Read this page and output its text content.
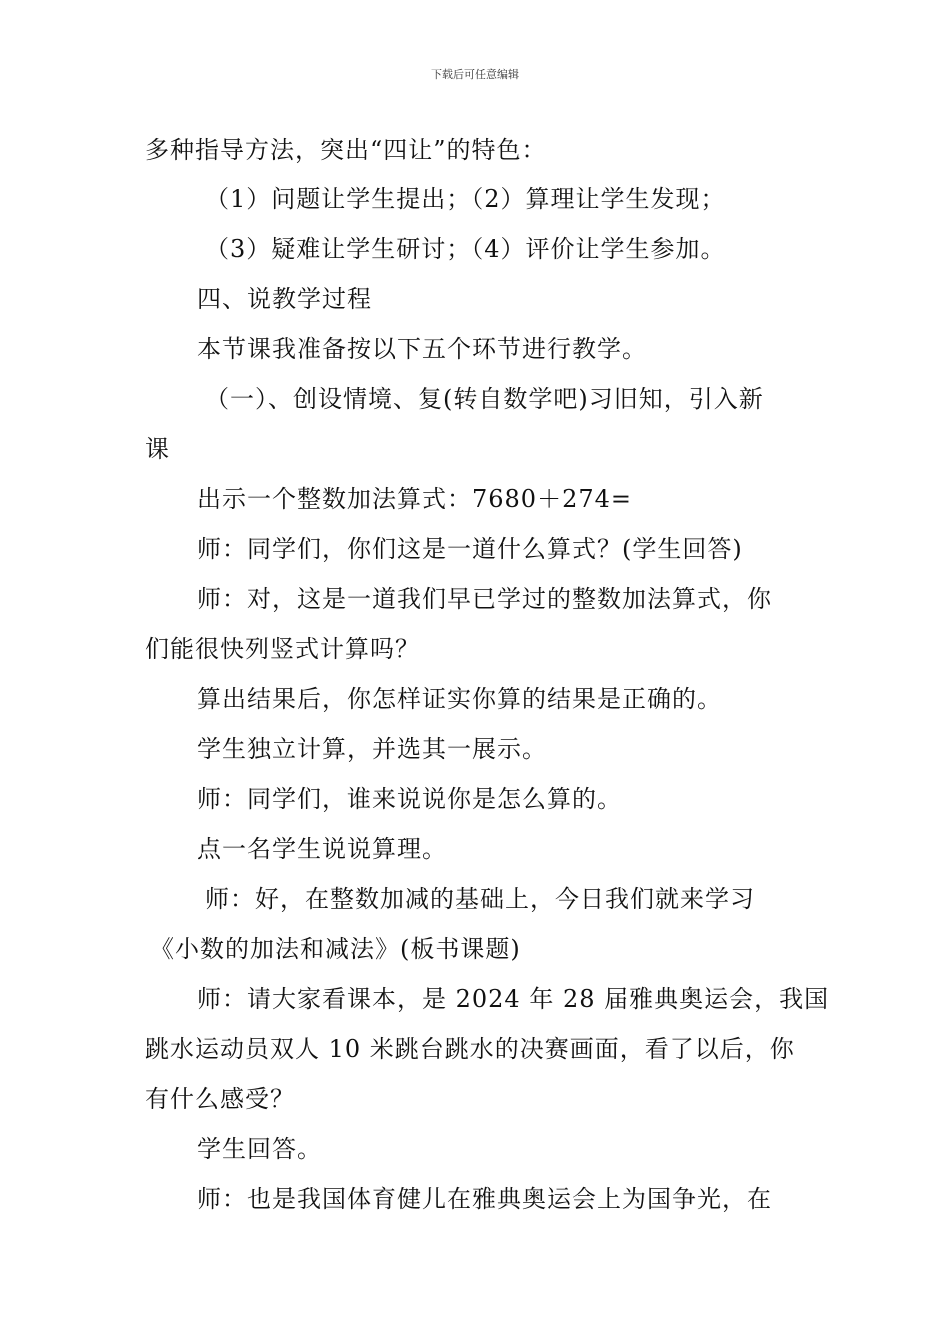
下载后可任意编辑
多种指导方法，突出“四让”的特色：
（1）问题让学生提出；（2）算理让学生发现；
（3）疑难让学生研讨；（4）评价让学生参加。
四、说教学过程
本节课我准备按以下五个环节进行教学。
（一）、创设情境、复(转自数学吧)习旧知，引入新
课
出示一个整数加法算式：7680＋274=
师：同学们，你们这是一道什么算式？(学生回答)
师：对，这是一道我们早已学过的整数加法算式，你
们能很快列竖式计算吗？
算出结果后，你怎样证实你算的结果是正确的。
学生独立计算，并选其一展示。
师：同学们，谁来说说你是怎么算的。
点一名学生说说算理。
师：好，在整数加减的基础上，今日我们就来学习
《小数的加法和减法》(板书课题)
师：请大家看课本，是 2024 年 28 届雅典奥运会，我国
跳水运动员双人 10 米跳台跳水的决赛画面，看了以后，你
有什么感受？
学生回答。
师：也是我国体育健儿在雅典奥运会上为国争光，在
